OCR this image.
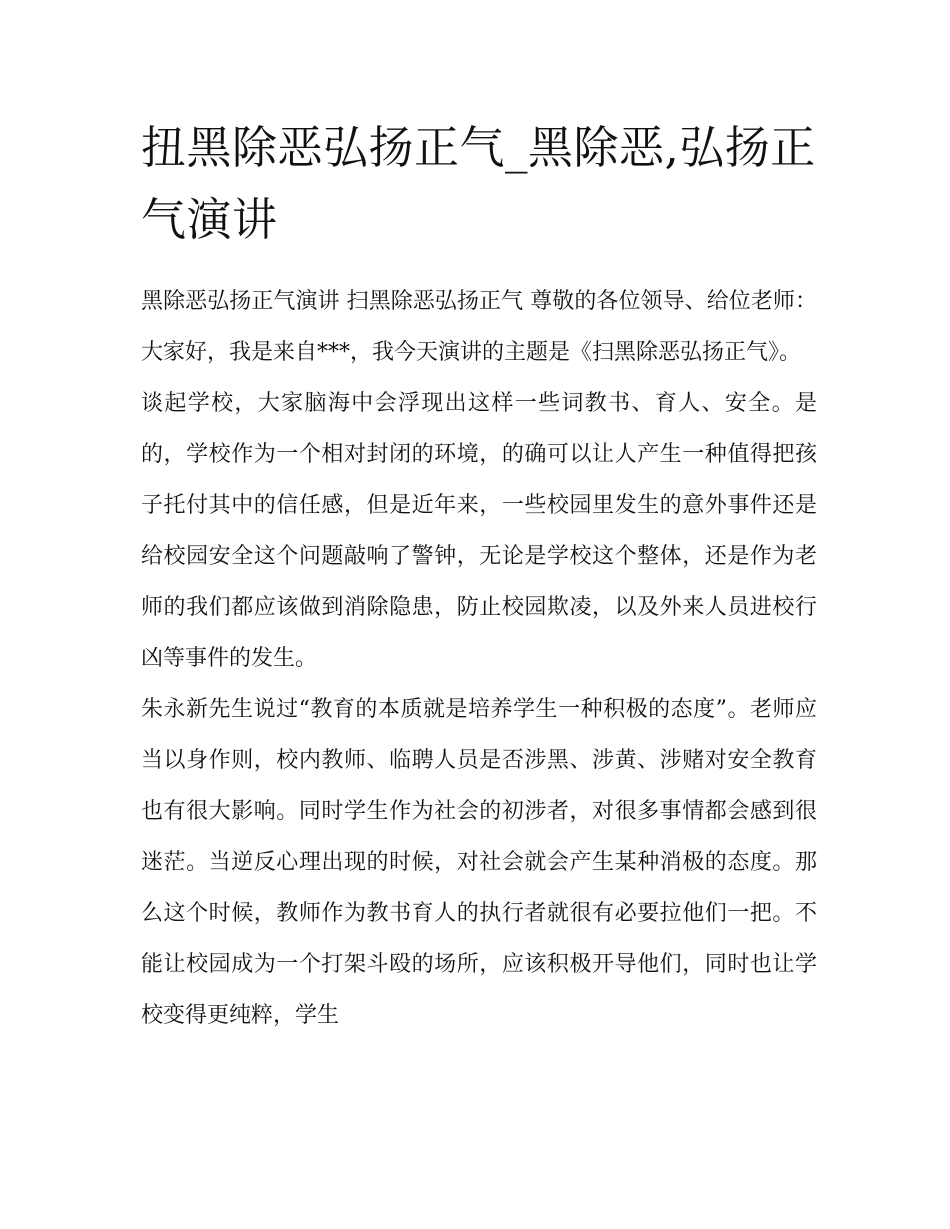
扭黑除恶弘扬正气_黑除恶,弘扬正气演讲

黑除恶弘扬正气演讲 扫黑除恶弘扬正气 尊敬的各位领导、给位老师： 大家好，我是来自***，我今天演讲的主题是《扫黑除恶弘扬正气》。

谈起学校，大家脑海中会浮现出这样一些词教书、育人、安全。是的，学校作为一个相对封闭的环境，的确可以让人产生一种值得把孩子托付其中的信任感，但是近年来，一些校园里发生的意外事件还是给校园安全这个问题敲响了警钟，无论是学校这个整体，还是作为老师的我们都应该做到消除隐患，防止校园欺凌，以及外来人员进校行凶等事件的发生。

朱永新先生说过“教育的本质就是培养学生一种积极的态度”。老师应当以身作则，校内教师、临聘人员是否涉黑、涉黄、涉赌对安全教育也有很大影响。同时学生作为社会的初涉者，对很多事情都会感到很迷茫。当逆反心理出现的时候，对社会就会产生某种消极的态度。那么这个时候，教师作为教书育人的执行者就很有必要拉他们一把。不能让校园成为一个打架斗殴的场所，应该积极开导他们，同时也让学校变得更纯粹，学生
